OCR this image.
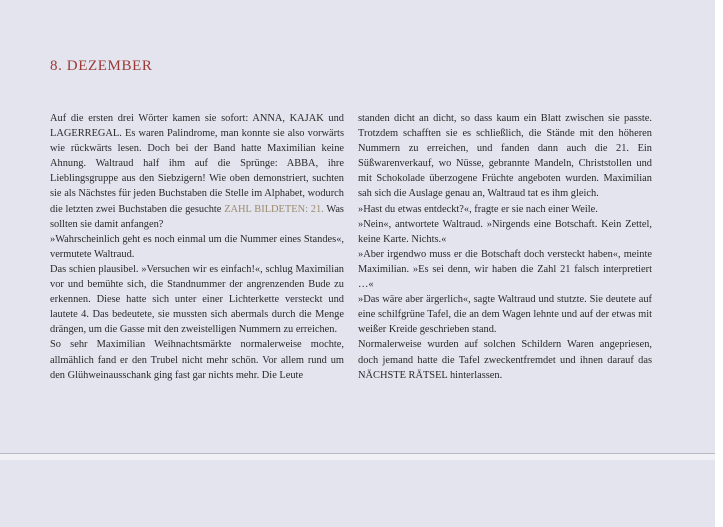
8. DEZEMBER

Auf die ersten drei Wörter kamen sie sofort: ANNA, KAJAK und LAGERREGAL. Es waren Palindrome, man konnte sie also vorwärts wie rückwärts lesen. Doch bei der Band hatte Maximilian keine Ahnung. Waltraud half ihm auf die Sprünge: ABBA, ihre Lieblingsgruppe aus den Siebzigern! Wie oben demonstriert, suchten sie als Nächstes für jeden Buchstaben die Stelle im Alphabet, wodurch die letzten zwei Buchstaben die gesuchte ZAHL BILDETEN: 21. Was sollten sie damit anfangen?

»Wahrscheinlich geht es noch einmal um die Nummer eines Standes«, vermutete Waltraud.

Das schien plausibel. »Versuchen wir es einfach!«, schlug Maximilian vor und bemühte sich, die Standnummer der angrenzenden Bude zu erkennen. Diese hatte sich unter einer Lichterkette versteckt und lautete 4. Das bedeutete, sie mussten sich abermals durch die Menge drängen, um die Gasse mit den zweistelligen Nummern zu erreichen.

So sehr Maximilian Weihnachtsmärkte normalerweise mochte, allmählich fand er den Trubel nicht mehr schön. Vor allem rund um den Glühweinausschank ging fast gar nichts mehr. Die Leute

standen dicht an dicht, so dass kaum ein Blatt zwischen sie passte. Trotzdem schafften sie es schließlich, die Stände mit den höheren Nummern zu erreichen, und fanden dann auch die 21. Ein Süßwarenverkauf, wo Nüsse, gebrannte Mandeln, Christstollen und mit Schokolade überzogene Früchte angeboten wurden. Maximilian sah sich die Auslage genau an, Waltraud tat es ihm gleich.

»Hast du etwas entdeckt?«, fragte er sie nach einer Weile.

»Nein«, antwortete Waltraud. »Nirgends eine Botschaft. Kein Zettel, keine Karte. Nichts.«

»Aber irgendwo muss er die Botschaft doch versteckt haben«, meinte Maximilian. »Es sei denn, wir haben die Zahl 21 falsch interpretiert …«

»Das wäre aber ärgerlich«, sagte Waltraud und stutzte. Sie deutete auf eine schilfgrüne Tafel, die an dem Wagen lehnte und auf der etwas mit weißer Kreide geschrieben stand.

Normalerweise wurden auf solchen Schildern Waren angepriesen, doch jemand hatte die Tafel zweckentfremdet und ihnen darauf das NÄCHSTE RÄTSEL hinterlassen.
